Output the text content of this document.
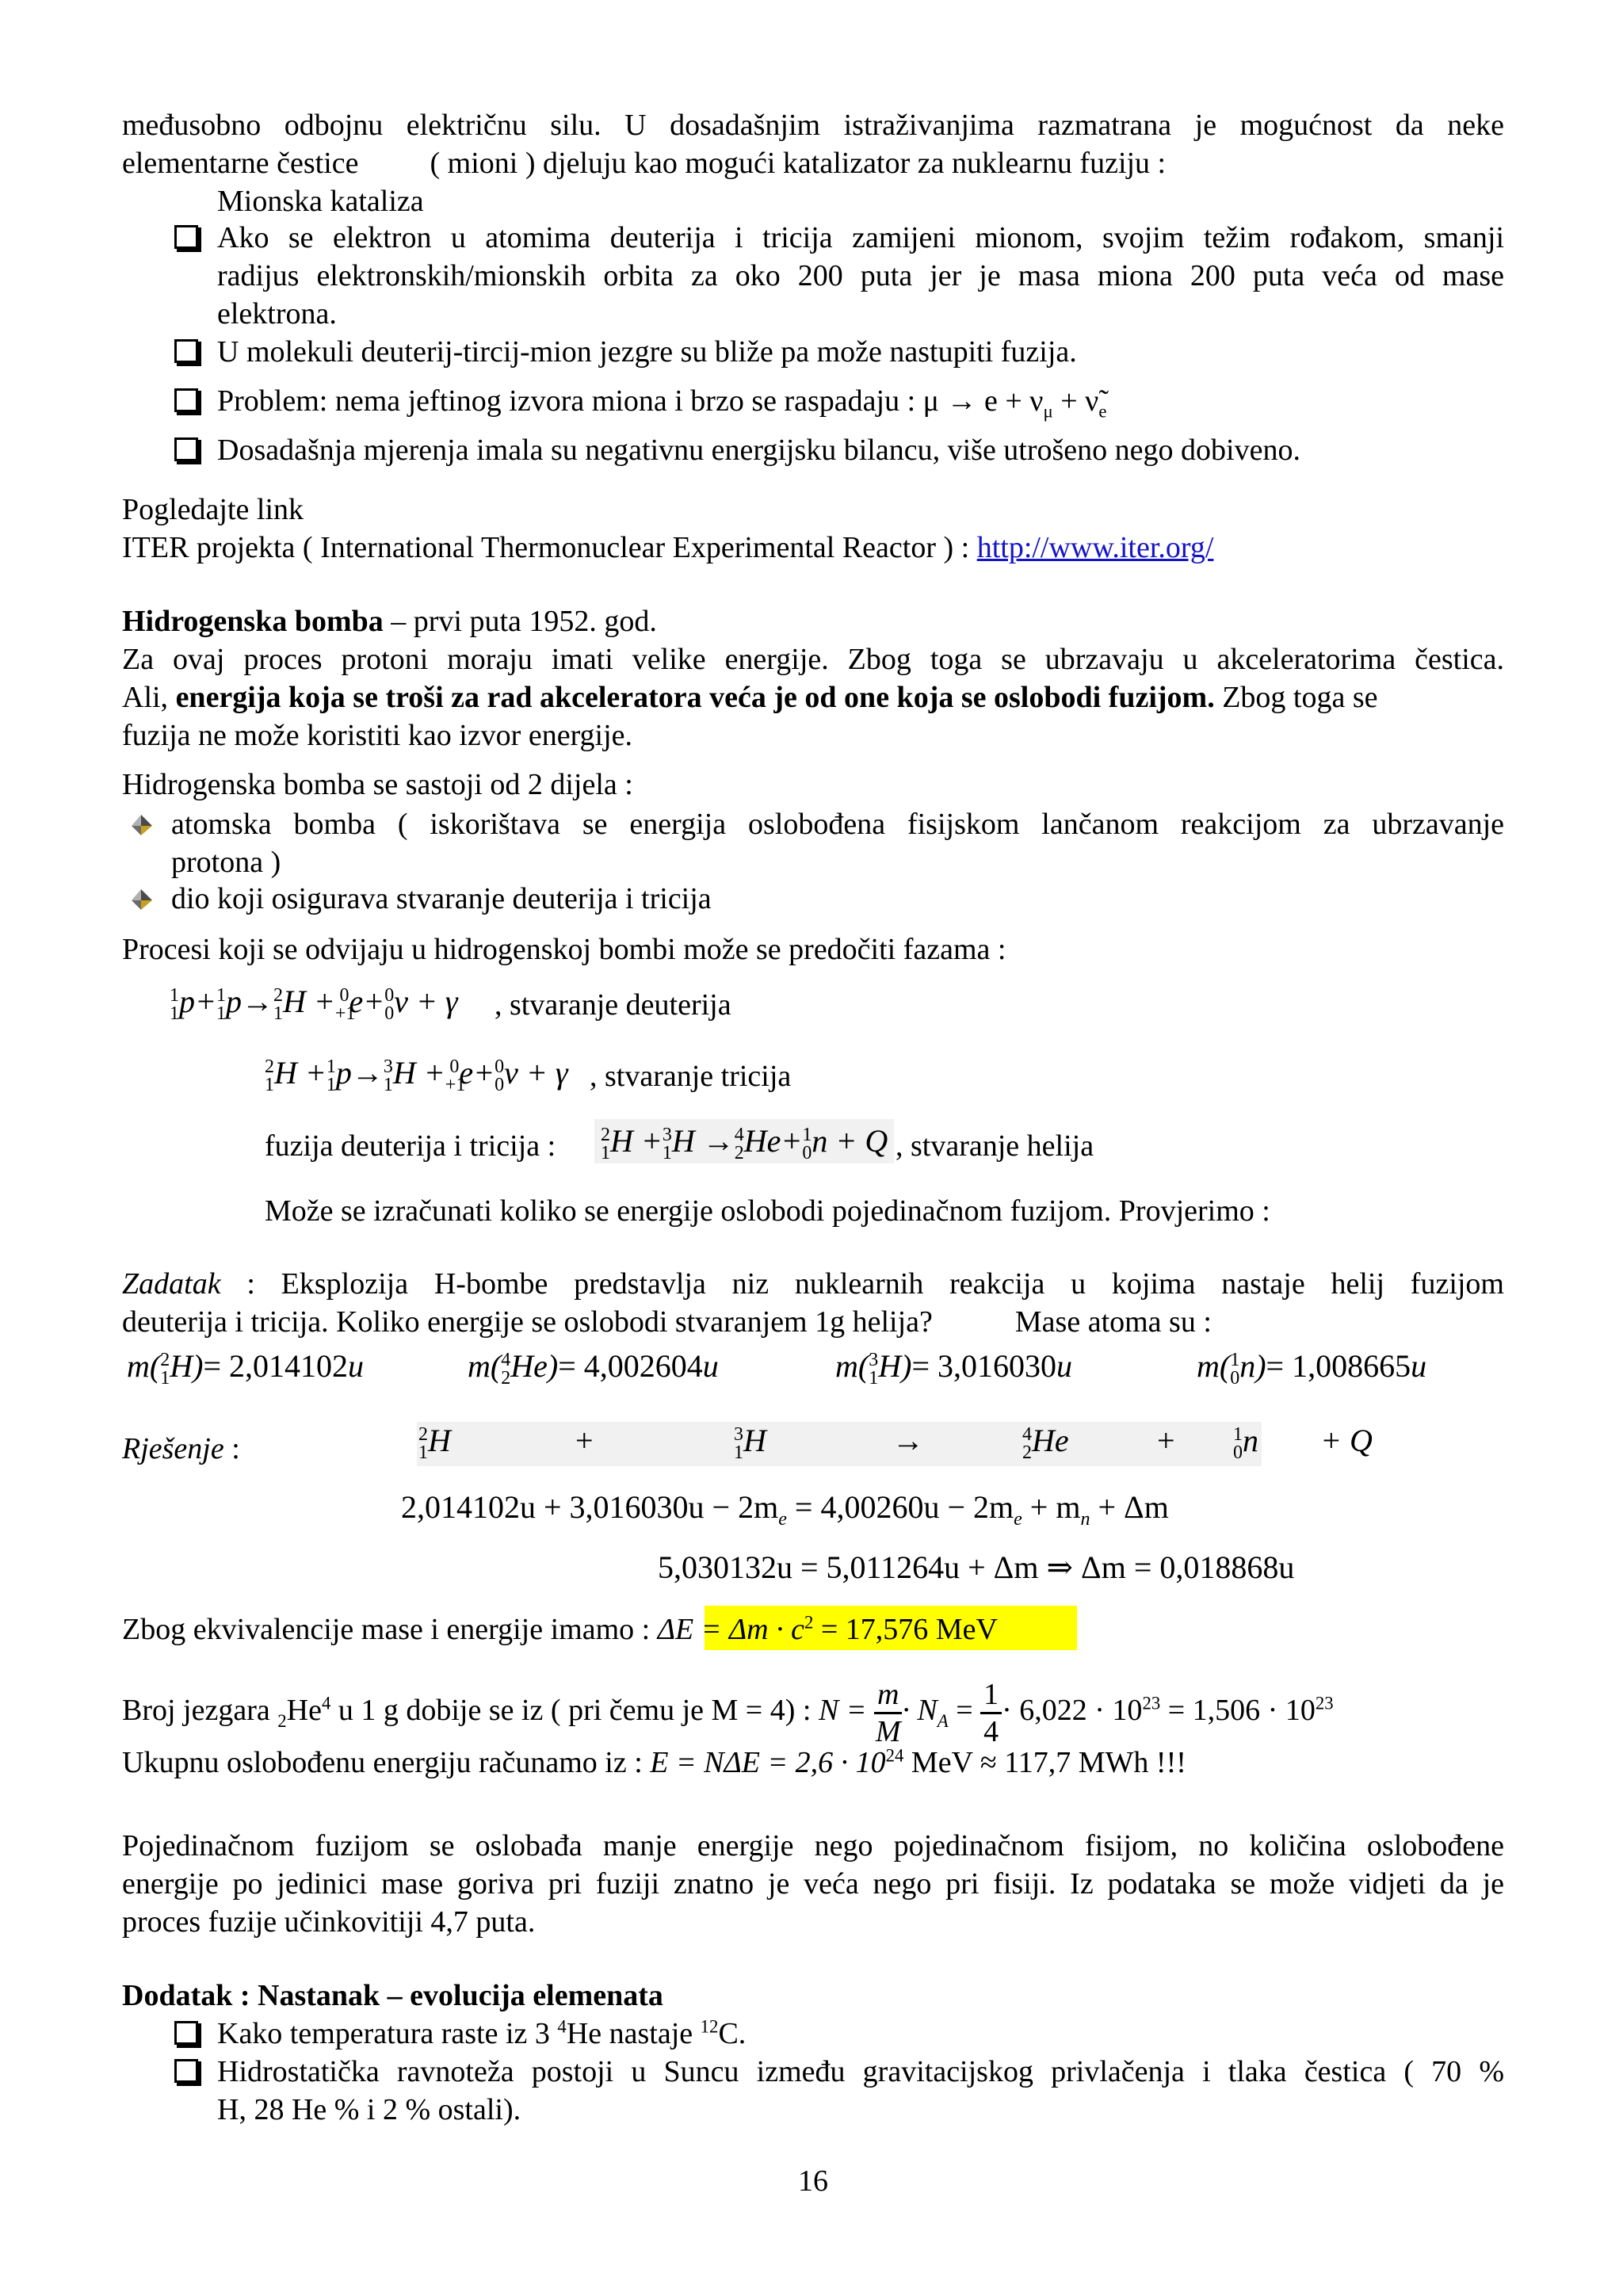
međusobno odbojnu električnu silu. U dosadašnjim istraživanjima razmatrana je mogućnost da neke
elementarne čestice ( mioni ) djeluju kao mogući katalizator za nuklearnu fuziju :
Mionska kataliza
Ako se elektron u atomima deuterija i tricija zamijeni mionom, svojim težim rođakom, smanji
radijus elektronskih/mionskih orbita za oko 200 puta jer je masa miona 200 puta veća od mase
elektrona.
U molekuli deuterij-tircij-mion jezgre su bliže pa može nastupiti fuzija.
Problem: nema jeftinog izvora miona i brzo se raspadaju : $\mu \to e + \nu_\mu$ + $\nũ_e$
Dosadašnja mjerenja imala su negativnu energijsku bilancu, više utrošeno nego dobiveno.
Pogledajte link
ITER projekta ( International Thermonuclear Experimental Reactor ) : http://www.iter.org/
Hidrogenska bomba – prvi puta 1952. god.
Za ovaj proces protoni moraju imati velike energije. Zbog toga se ubrzavaju u akceleratorima čestica.
Ali, energija koja se troši za rad akceleratora veća je od one koja se oslobodi fuzijom. Zbog toga se
fuzija ne može koristiti kao izvor energije.
Hidrogenska bomba se sastoji od 2 dijela :
atomska bomba ( iskorištava se energija oslobođena fisijskom lančanom reakcijom za ubrzavanje
protona )
dio koji osigurava stvaranje deuterija i tricija
Procesi koji se odvijaju u hidrogenskoj bombi može se predočiti fazama :
$_1^1p+_1^1p\to_1^2H +_{+1}^0e+_0^0\nu + \gamma$ , stvaranje deuterija
$_1^2H +_1^1p\to_1^3H +_{+1}^0e+_0^0\nu + \gamma$ , stvaranje tricija
fuzija deuterija i tricija :	$_1^2H +_1^3H \to_2^4He+_0^1n + Q$ , stvaranje helija
Može se izračunati koliko se energije oslobodi pojedinačnom fuzijom. Provjerimo :
Zadatak : Eksplozija H-bombe predstavlja niz nuklearnih reakcija u kojima nastaje helij fuzijom
deuterija i tricija. Koliko energije se oslobodi stvaranjem 1g helija?	Mase atoma su :
$m(_1^2H)= 2,014102u$	$m(_2^4He)= 4,002604u$	$m(_1^3H)= 3,016030u$	$m(_0^1n)= 1,008665u$
Rješenje :	$_1^2$H	+	$_1^3$H	→	$_2^4$He	+	$_0^1$n + Q
$2,014102u + 3,016030u - 2m_e = 4,00260u - 2m_e + m_n + \Delta m$
5,030132u = 5,011264u + Δm ⇒ Δm = 0,018868u
Zbog ekvivalencije mase i energije imamo : $\Delta E = \Delta m \cdot c^2 = 17,576$ MeV
Broj jezgara $_2He^4$ u 1 g dobije se iz ( pri čemu je M = 4) : $N = \frac{m}{M} \cdot N_A = \frac{1}{4} \cdot 6,022 \cdot 10^{23} = 1,506 \cdot 10^{23}$
Ukupnu oslobođenu energiju računamo iz : $E = N\Delta E = 2,6 \cdot 10^{24}$ MeV ≈ 117,7 MWh !!!
Pojedinačnom fuzijom se oslobađa manje energije nego pojedinačnom fisijom, no količina oslobođene
energije po jedinici mase goriva pri fuziji znatno je veća nego pri fisiji. Iz podataka se može vidjeti da je
proces fuzije učinkovitiji 4,7 puta.
Dodatak : Nastanak – evolucija elemenata
Kako temperatura raste iz 3 $^4$He nastaje $^{12}$C.
Hidrostatička ravnoteža postoji u Suncu između gravitacijskog privlačenja i tlaka čestica ( 70 %
H, 28 He % i 2 % ostali).
16
